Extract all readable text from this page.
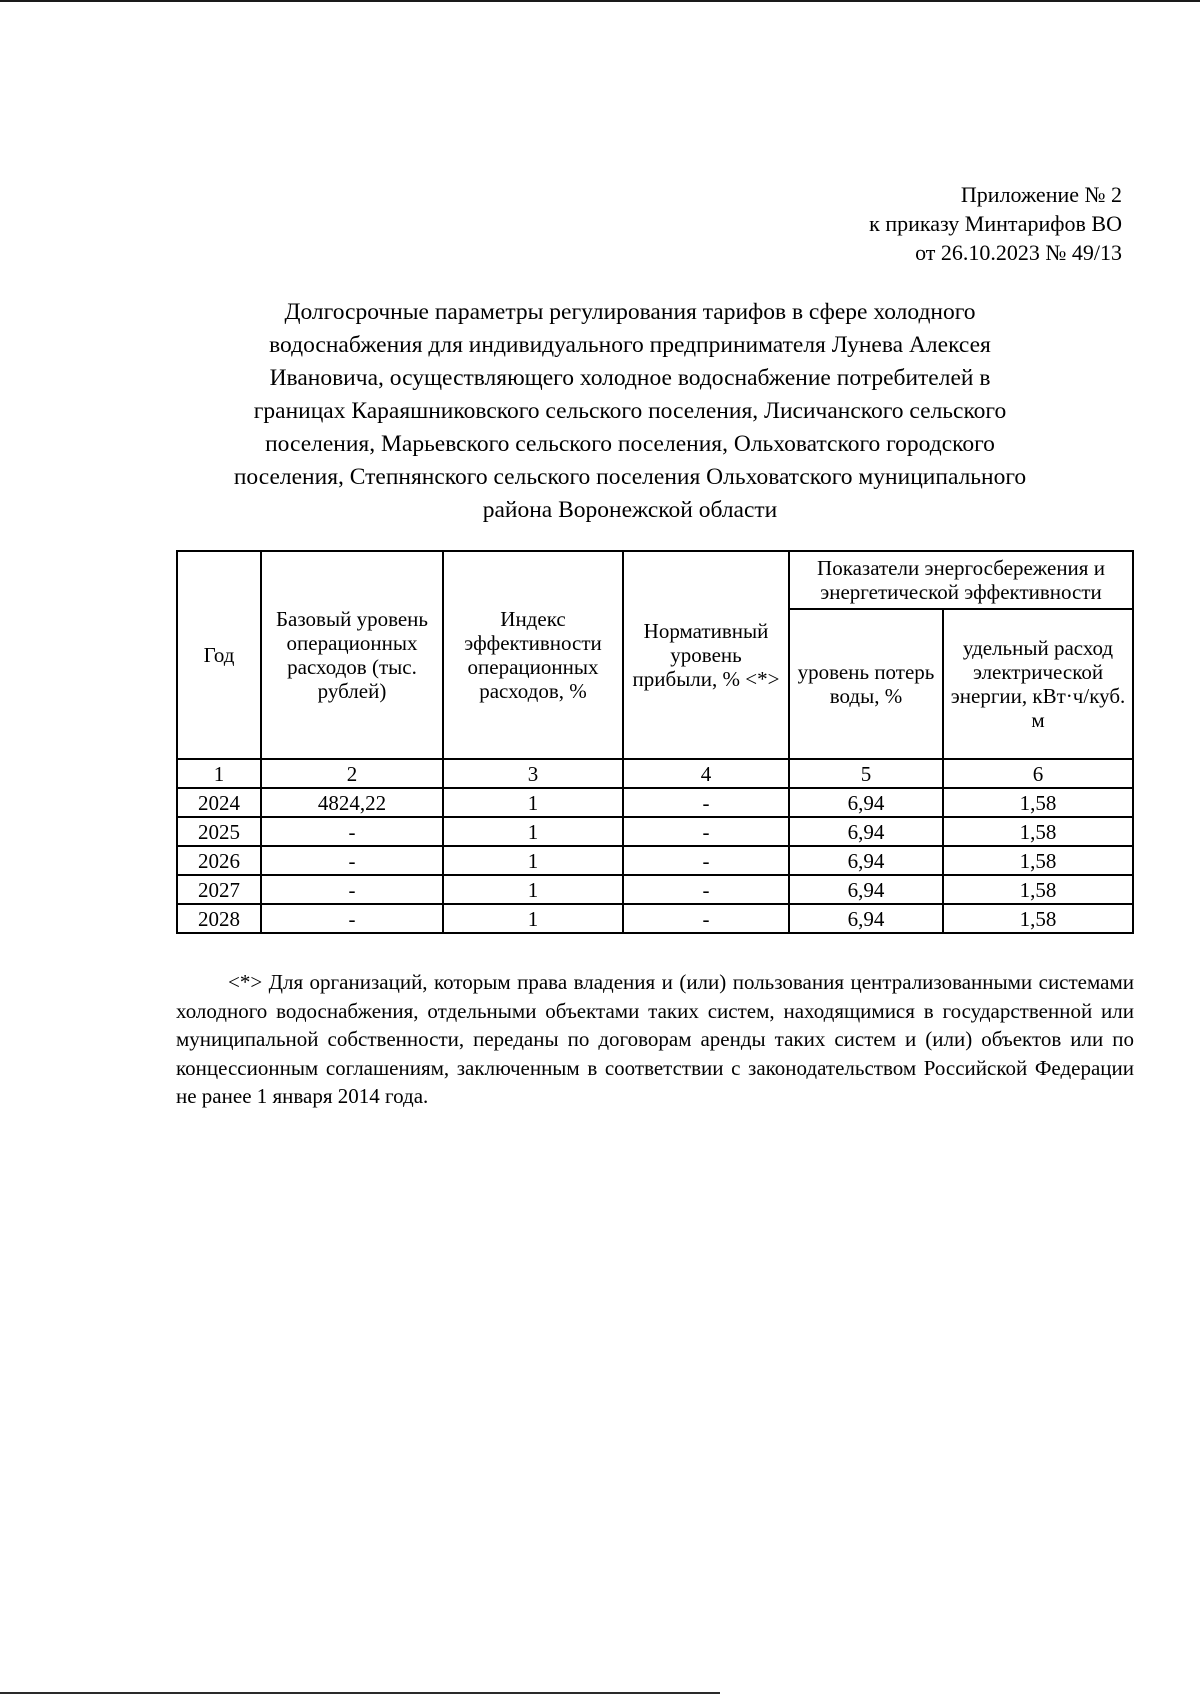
Приложение № 2
к приказу Минтарифов ВО
от 26.10.2023 № 49/13
Долгосрочные параметры регулирования тарифов в сфере холодного
водоснабжения для индивидуального предпринимателя Лунева Алексея
Ивановича, осуществляющего холодное водоснабжение потребителей в
границах Караяшниковского сельского поселения, Лисичанского сельского
поселения, Марьевского сельского поселения, Ольховатского городского
поселения, Степнянского сельского поселения Ольховатского муниципального
района Воронежской области
Год	Базовый уровень операционных расходов (тыс. рублей)	Индекс эффективности операционных расходов, %	Нормативный уровень прибыли, % <*>	Показатели энергосбережения и энергетической эффективности	
				уровень потерь воды, %	удельный расход электрической энергии, кВт·ч/куб. м
1	2	3	4	5	6
2024	4824,22	1	-	6,94	1,58
2025	-	1	-	6,94	1,58
2026	-	1	-	6,94	1,58
2027	-	1	-	6,94	1,58
2028	-	1	-	6,94	1,58
<*> Для организаций, которым права владения и (или) пользования централизованными системами холодного водоснабжения, отдельными объектами таких систем, находящимися в государственной или муниципальной собственности, переданы по договорам аренды таких систем и (или) объектов или по концессионным соглашениям, заключенным в соответствии с законодательством Российской Федерации не ранее 1 января 2014 года.
